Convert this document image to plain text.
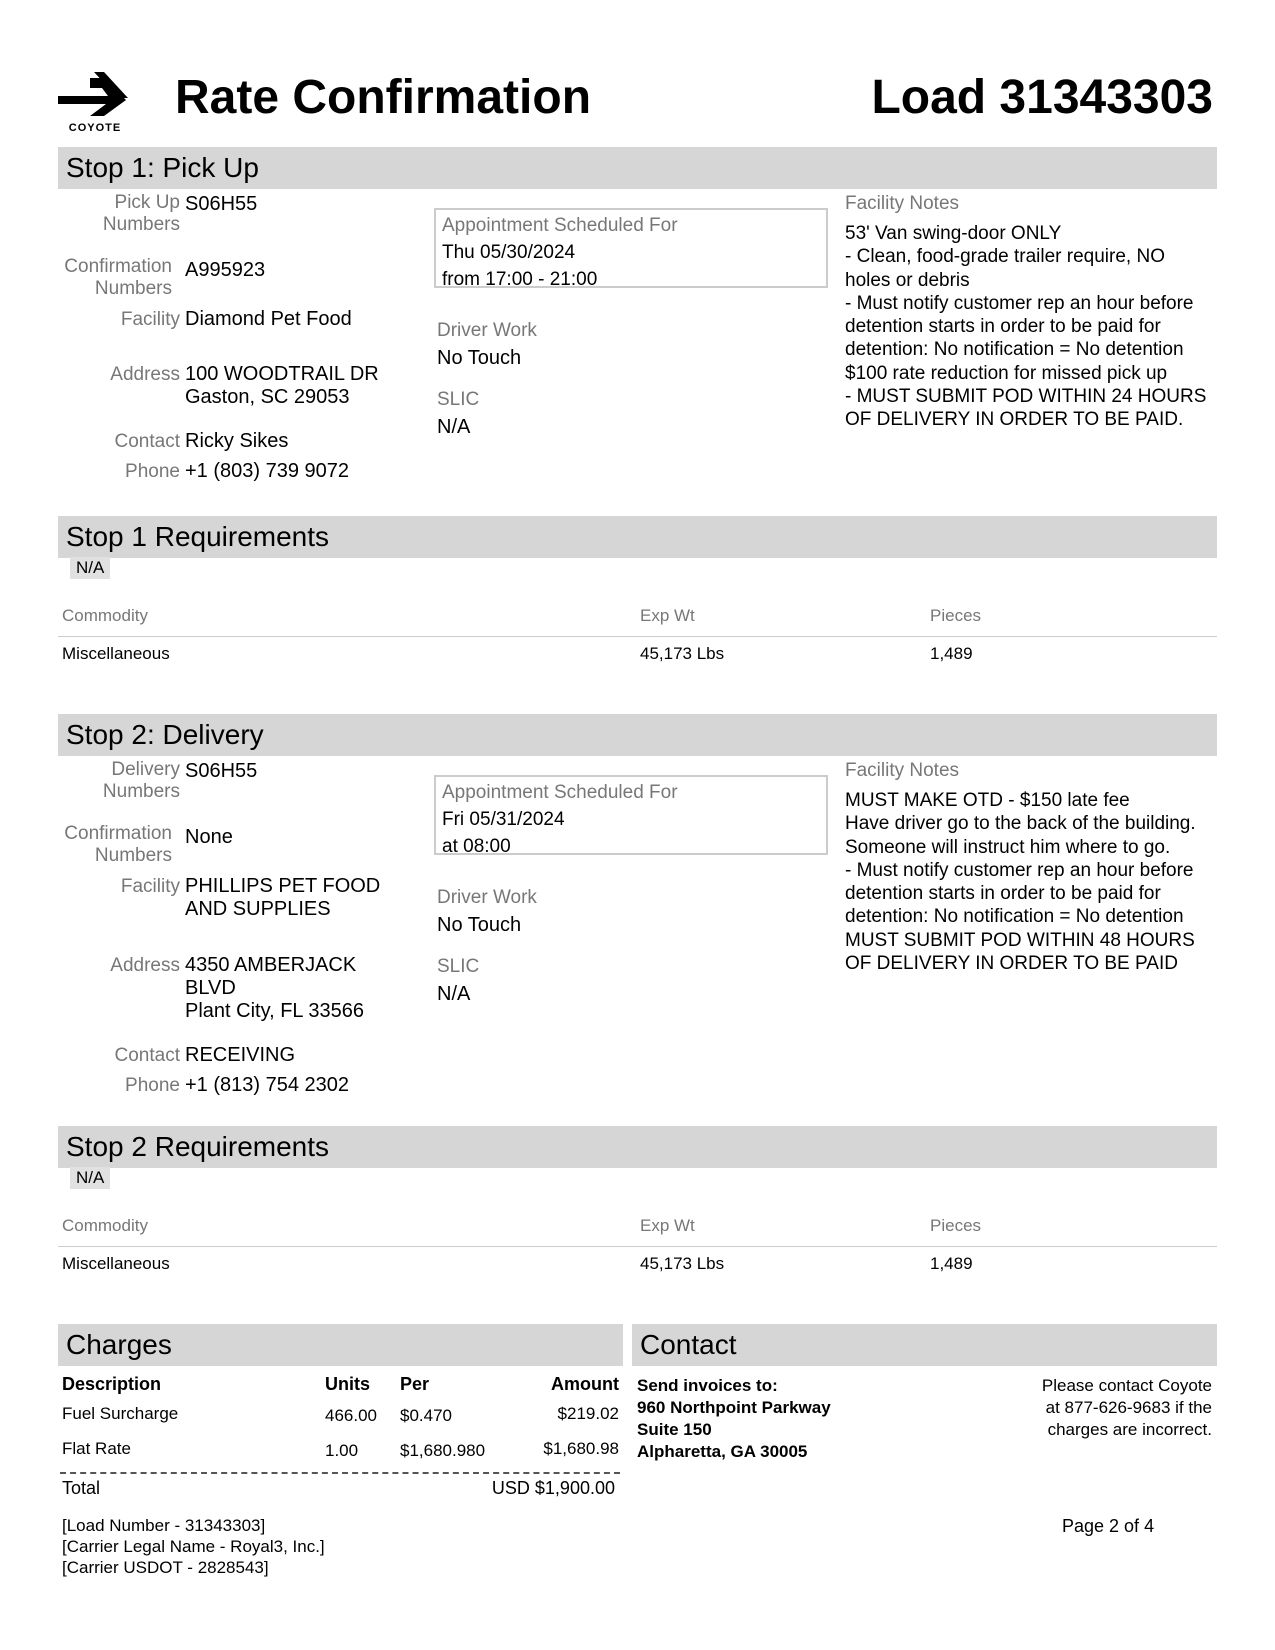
COYOTE
Rate Confirmation	Load 31343303
Stop 1: Pick Up
Pick Up
Numbers
S06H55
Confirmation
Numbers
A995923
Facility Diamond Pet Food
Address 100 WOODTRAIL DR
Gaston, SC 29053
Contact Ricky Sikes
Phone +1 (803) 739 9072
Appointment Scheduled For
Thu 05/30/2024
from 17:00 - 21:00
Driver Work
No Touch
SLIC
N/A
Facility Notes
53' Van swing-door ONLY
- Clean, food-grade trailer require, NO holes or debris
- Must notify customer rep an hour before detention starts in order to be paid for detention: No notification = No detention
$100 rate reduction for missed pick up
- MUST SUBMIT POD WITHIN 24 HOURS OF DELIVERY IN ORDER TO BE PAID.
Stop 1 Requirements
N/A
Commodity	Exp Wt	Pieces
Miscellaneous	45,173 Lbs	1,489
Stop 2: Delivery
Delivery
Numbers
S06H55
Confirmation
Numbers
None
Facility PHILLIPS PET FOOD
AND SUPPLIES
Address 4350 AMBERJACK
BLVD
Plant City, FL 33566
Contact RECEIVING
Phone +1 (813) 754 2302
Appointment Scheduled For
Fri 05/31/2024
at 08:00
Driver Work
No Touch
SLIC
N/A
Facility Notes
MUST MAKE OTD - $150 late fee
Have driver go to the back of the building. Someone will instruct him where to go.
- Must notify customer rep an hour before detention starts in order to be paid for detention: No notification = No detention
MUST SUBMIT POD WITHIN 48 HOURS OF DELIVERY IN ORDER TO BE PAID
Stop 2 Requirements
N/A
Commodity	Exp Wt	Pieces
Miscellaneous	45,173 Lbs	1,489
Charges
Description	Units Per	Amount
Fuel Surcharge	466.00 $0.470	$219.02
Flat Rate	1.00 $1,680.980	$1,680.98
Total	USD $1,900.00
Contact
Send invoices to:
960 Northpoint Parkway
Suite 150
Alpharetta, GA 30005
Please contact Coyote
at 877-626-9683 if the
charges are incorrect.
[Load Number - 31343303]
[Carrier Legal Name - Royal3, Inc.]
[Carrier USDOT - 2828543]
Page 2 of 4
